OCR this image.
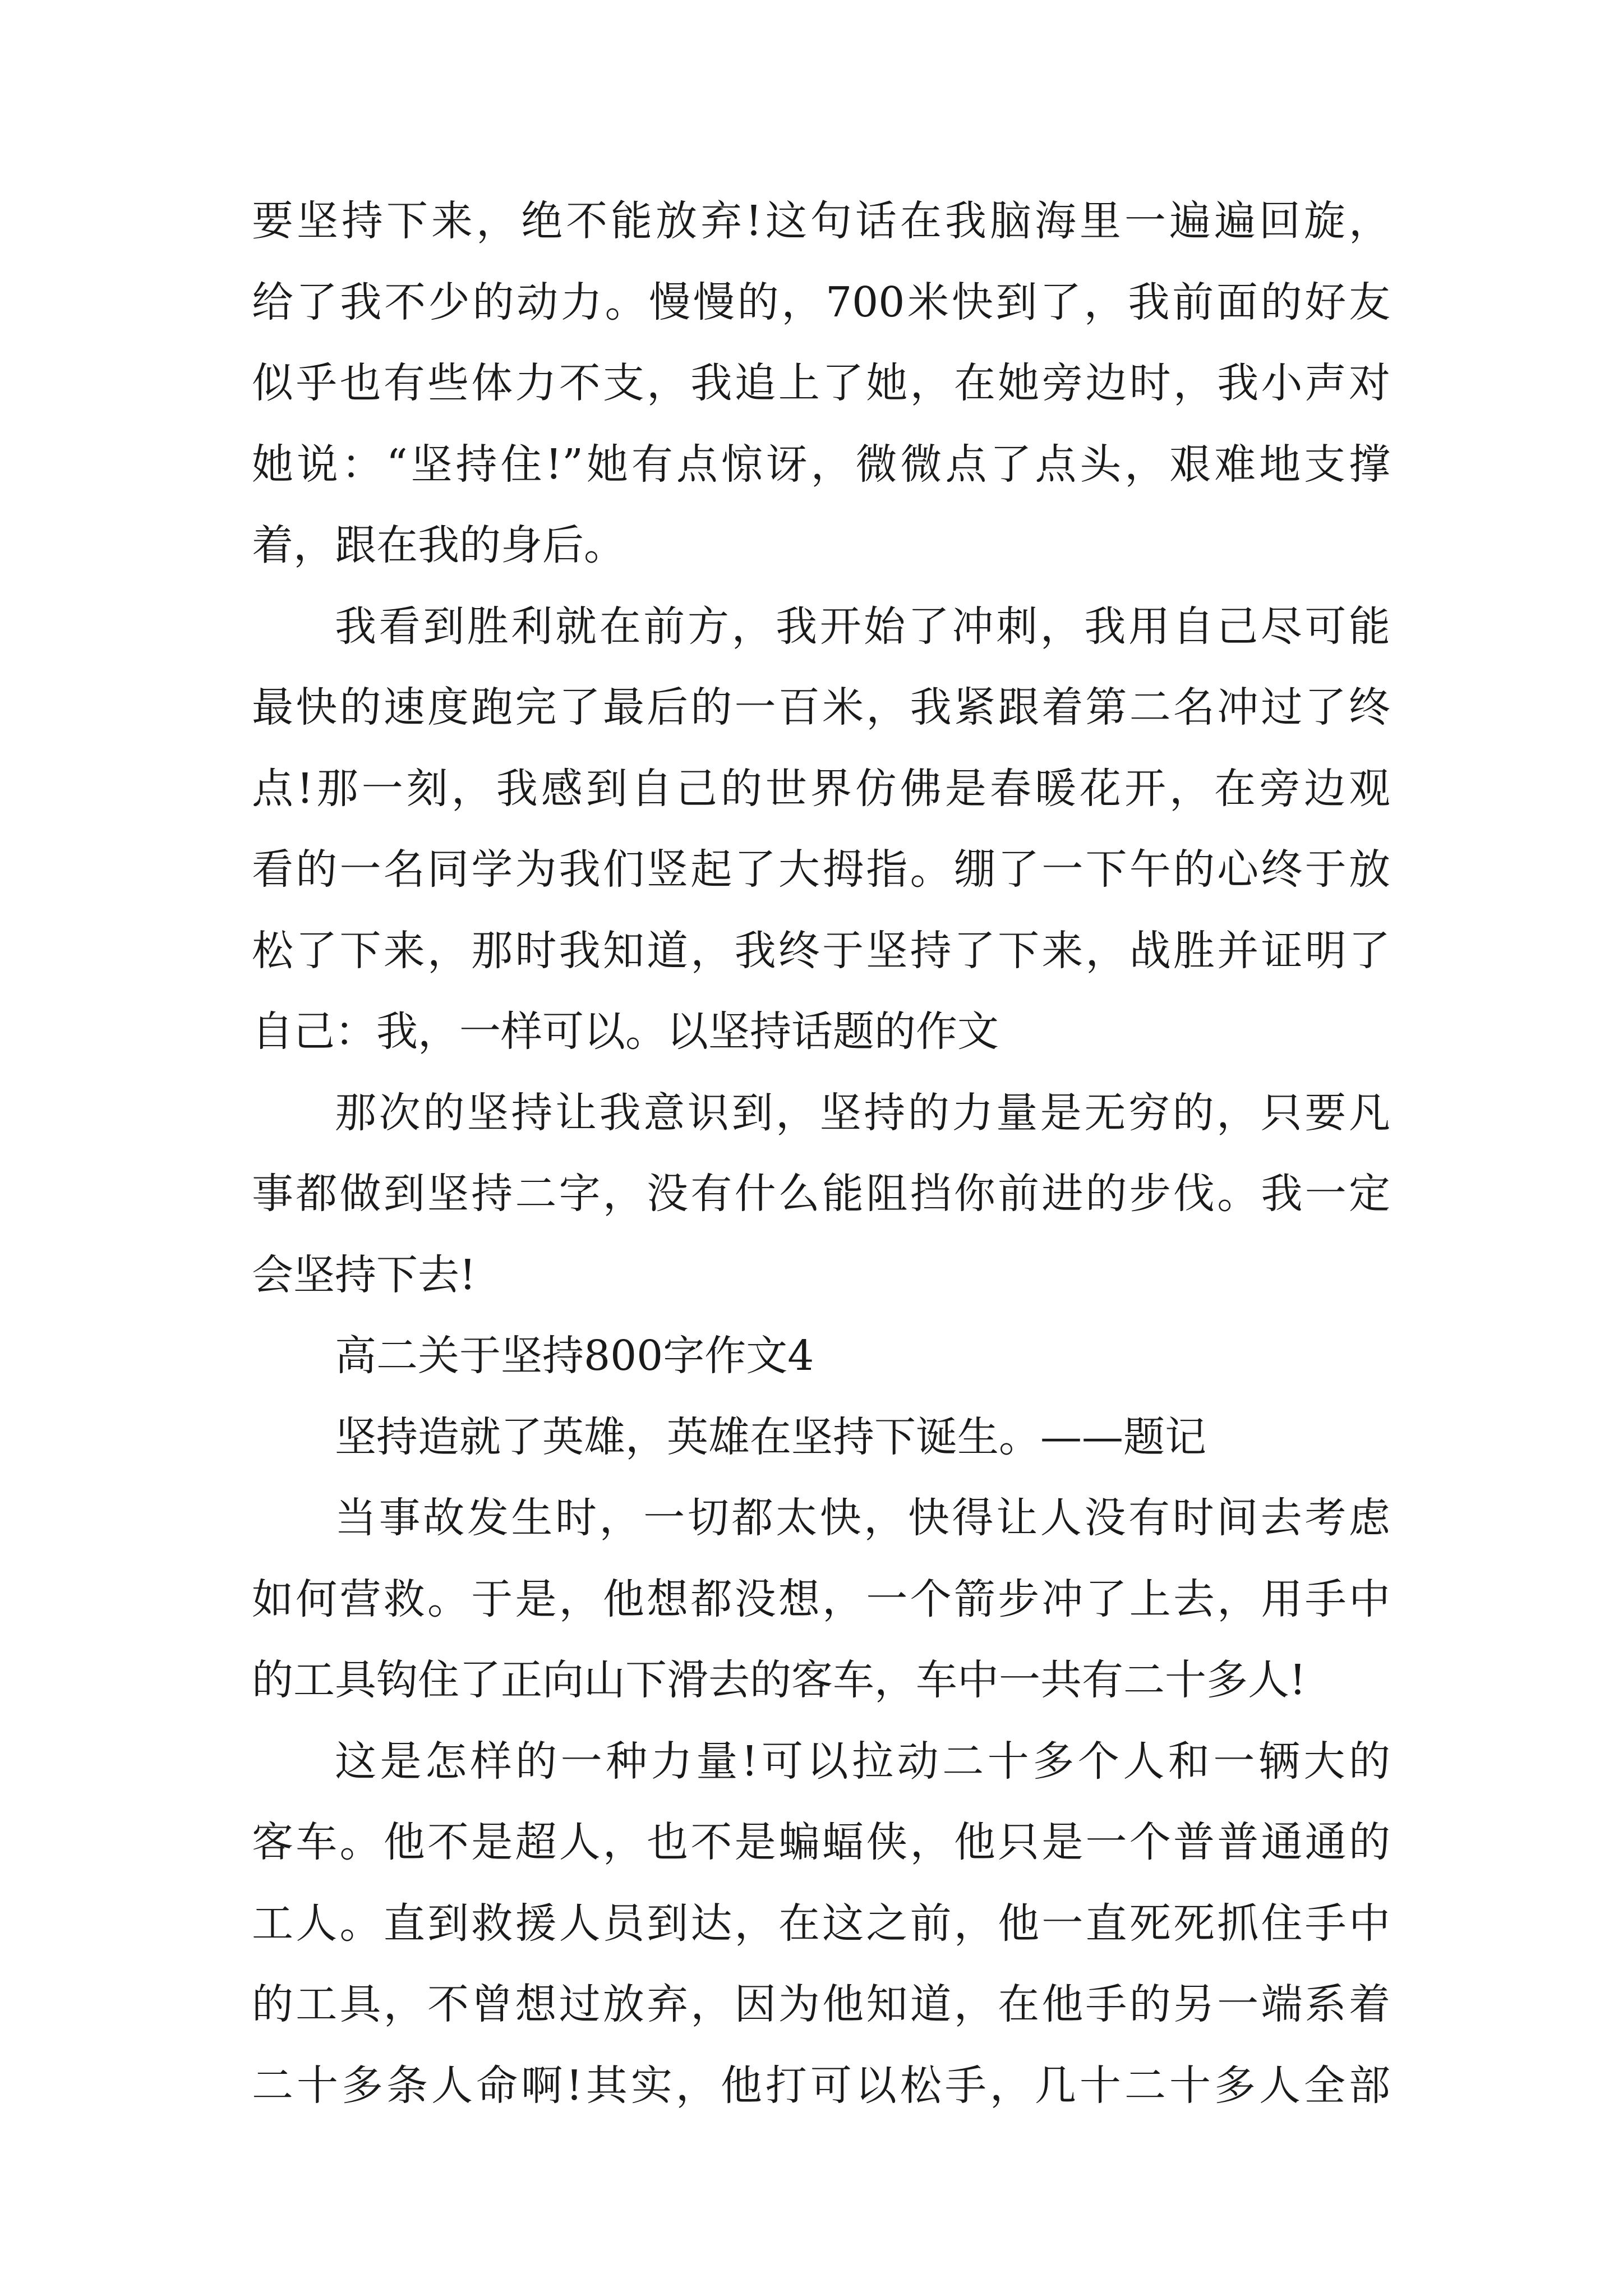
要坚持下来，绝不能放弃!这句话在我脑海里一遍遍回旋，
给了我不少的动力。慢慢的，700米快到了，我前面的好友
似乎也有些体力不支，我追上了她，在她旁边时，我小声对
她说：“坚持住!”她有点惊讶，微微点了点头，艰难地支撑
着，跟在我的身后。
我看到胜利就在前方，我开始了冲刺，我用自己尽可能
最快的速度跑完了最后的一百米，我紧跟着第二名冲过了终
点!那一刻，我感到自己的世界仿佛是春暖花开，在旁边观
看的一名同学为我们竖起了大拇指。绷了一下午的心终于放
松了下来，那时我知道，我终于坚持了下来，战胜并证明了
自己：我，一样可以。以坚持话题的作文
那次的坚持让我意识到，坚持的力量是无穷的，只要凡
事都做到坚持二字，没有什么能阻挡你前进的步伐。我一定
会坚持下去!
高二关于坚持800字作文4
坚持造就了英雄，英雄在坚持下诞生。——题记
当事故发生时，一切都太快，快得让人没有时间去考虑
如何营救。于是，他想都没想，一个箭步冲了上去，用手中
的工具钩住了正向山下滑去的客车，车中一共有二十多人!
这是怎样的一种力量!可以拉动二十多个人和一辆大的
客车。他不是超人，也不是蝙蝠侠，他只是一个普普通通的
工人。直到救援人员到达，在这之前，他一直死死抓住手中
的工具，不曾想过放弃，因为他知道，在他手的另一端系着
二十多条人命啊!其实，他打可以松手，几十二十多人全部
